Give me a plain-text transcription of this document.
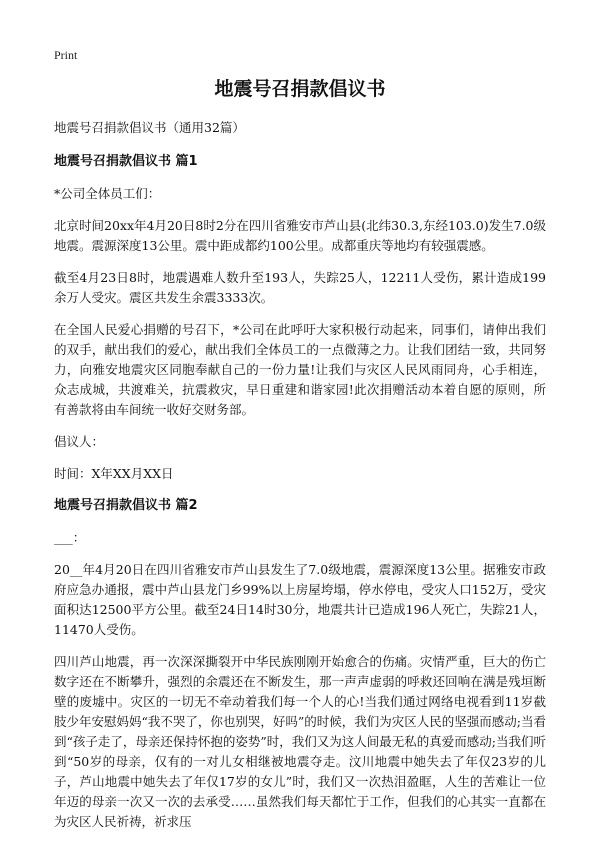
Print
地震号召捐款倡议书
地震号召捐款倡议书（通用32篇）
地震号召捐款倡议书 篇1
*公司全体员工们：
北京时间20xx年4月20日8时2分在四川省雅安市芦山县(北纬30.3,东经103.0)发生7.0级地震。震源深度13公里。震中距成都约100公里。成都重庆等地均有较强震感。
截至4月23日8时，地震遇难人数升至193人，失踪25人，12211人受伤，累计造成199余万人受灾。震区共发生余震3333次。
在全国人民爱心捐赠的号召下，*公司在此呼吁大家积极行动起来，同事们，请伸出我们的双手，献出我们的爱心，献出我们全体员工的一点微薄之力。让我们团结一致，共同努力，向雅安地震灾区同胞奉献自己的一份力量!让我们与灾区人民风雨同舟，心手相连，众志成城，共渡难关，抗震救灾，早日重建和谐家园!此次捐赠活动本着自愿的原则，所有善款将由车间统一收好交财务部。
倡议人：
时间：X年XX月XX日
地震号召捐款倡议书 篇2
___：
20__年4月20日在四川省雅安市芦山县发生了7.0级地震，震源深度13公里。据雅安市政府应急办通报，震中芦山县龙门乡99%以上房屋垮塌，停水停电，受灾人口152万，受灾面积达12500平方公里。截至24日14时30分，地震共计已造成196人死亡，失踪21人，11470人受伤。
四川芦山地震，再一次深深撕裂开中华民族刚刚开始愈合的伤痛。灾情严重，巨大的伤亡数字还在不断攀升，强烈的余震还在不断发生，那一声声虚弱的呼救还回响在满是残垣断壁的废墟中。灾区的一切无不牵动着我们每一个人的心!当我们通过网络电视看到11岁截肢少年安慰妈妈“我不哭了，你也别哭，好吗”的时候，我们为灾区人民的坚强而感动;当看到“孩子走了，母亲还保持怀抱的姿势”时，我们又为这人间最无私的真爱而感动;当我们听到“50岁的母亲，仅有的一对儿女相继被地震夺走。汶川地震中她失去了年仅23岁的儿子，芦山地震中她失去了年仅17岁的女儿”时，我们又一次热泪盈眶，人生的苦难让一位年迈的母亲一次又一次的去承受……虽然我们每天都忙于工作，但我们的心其实一直都在为灾区人民祈祷，祈求压
